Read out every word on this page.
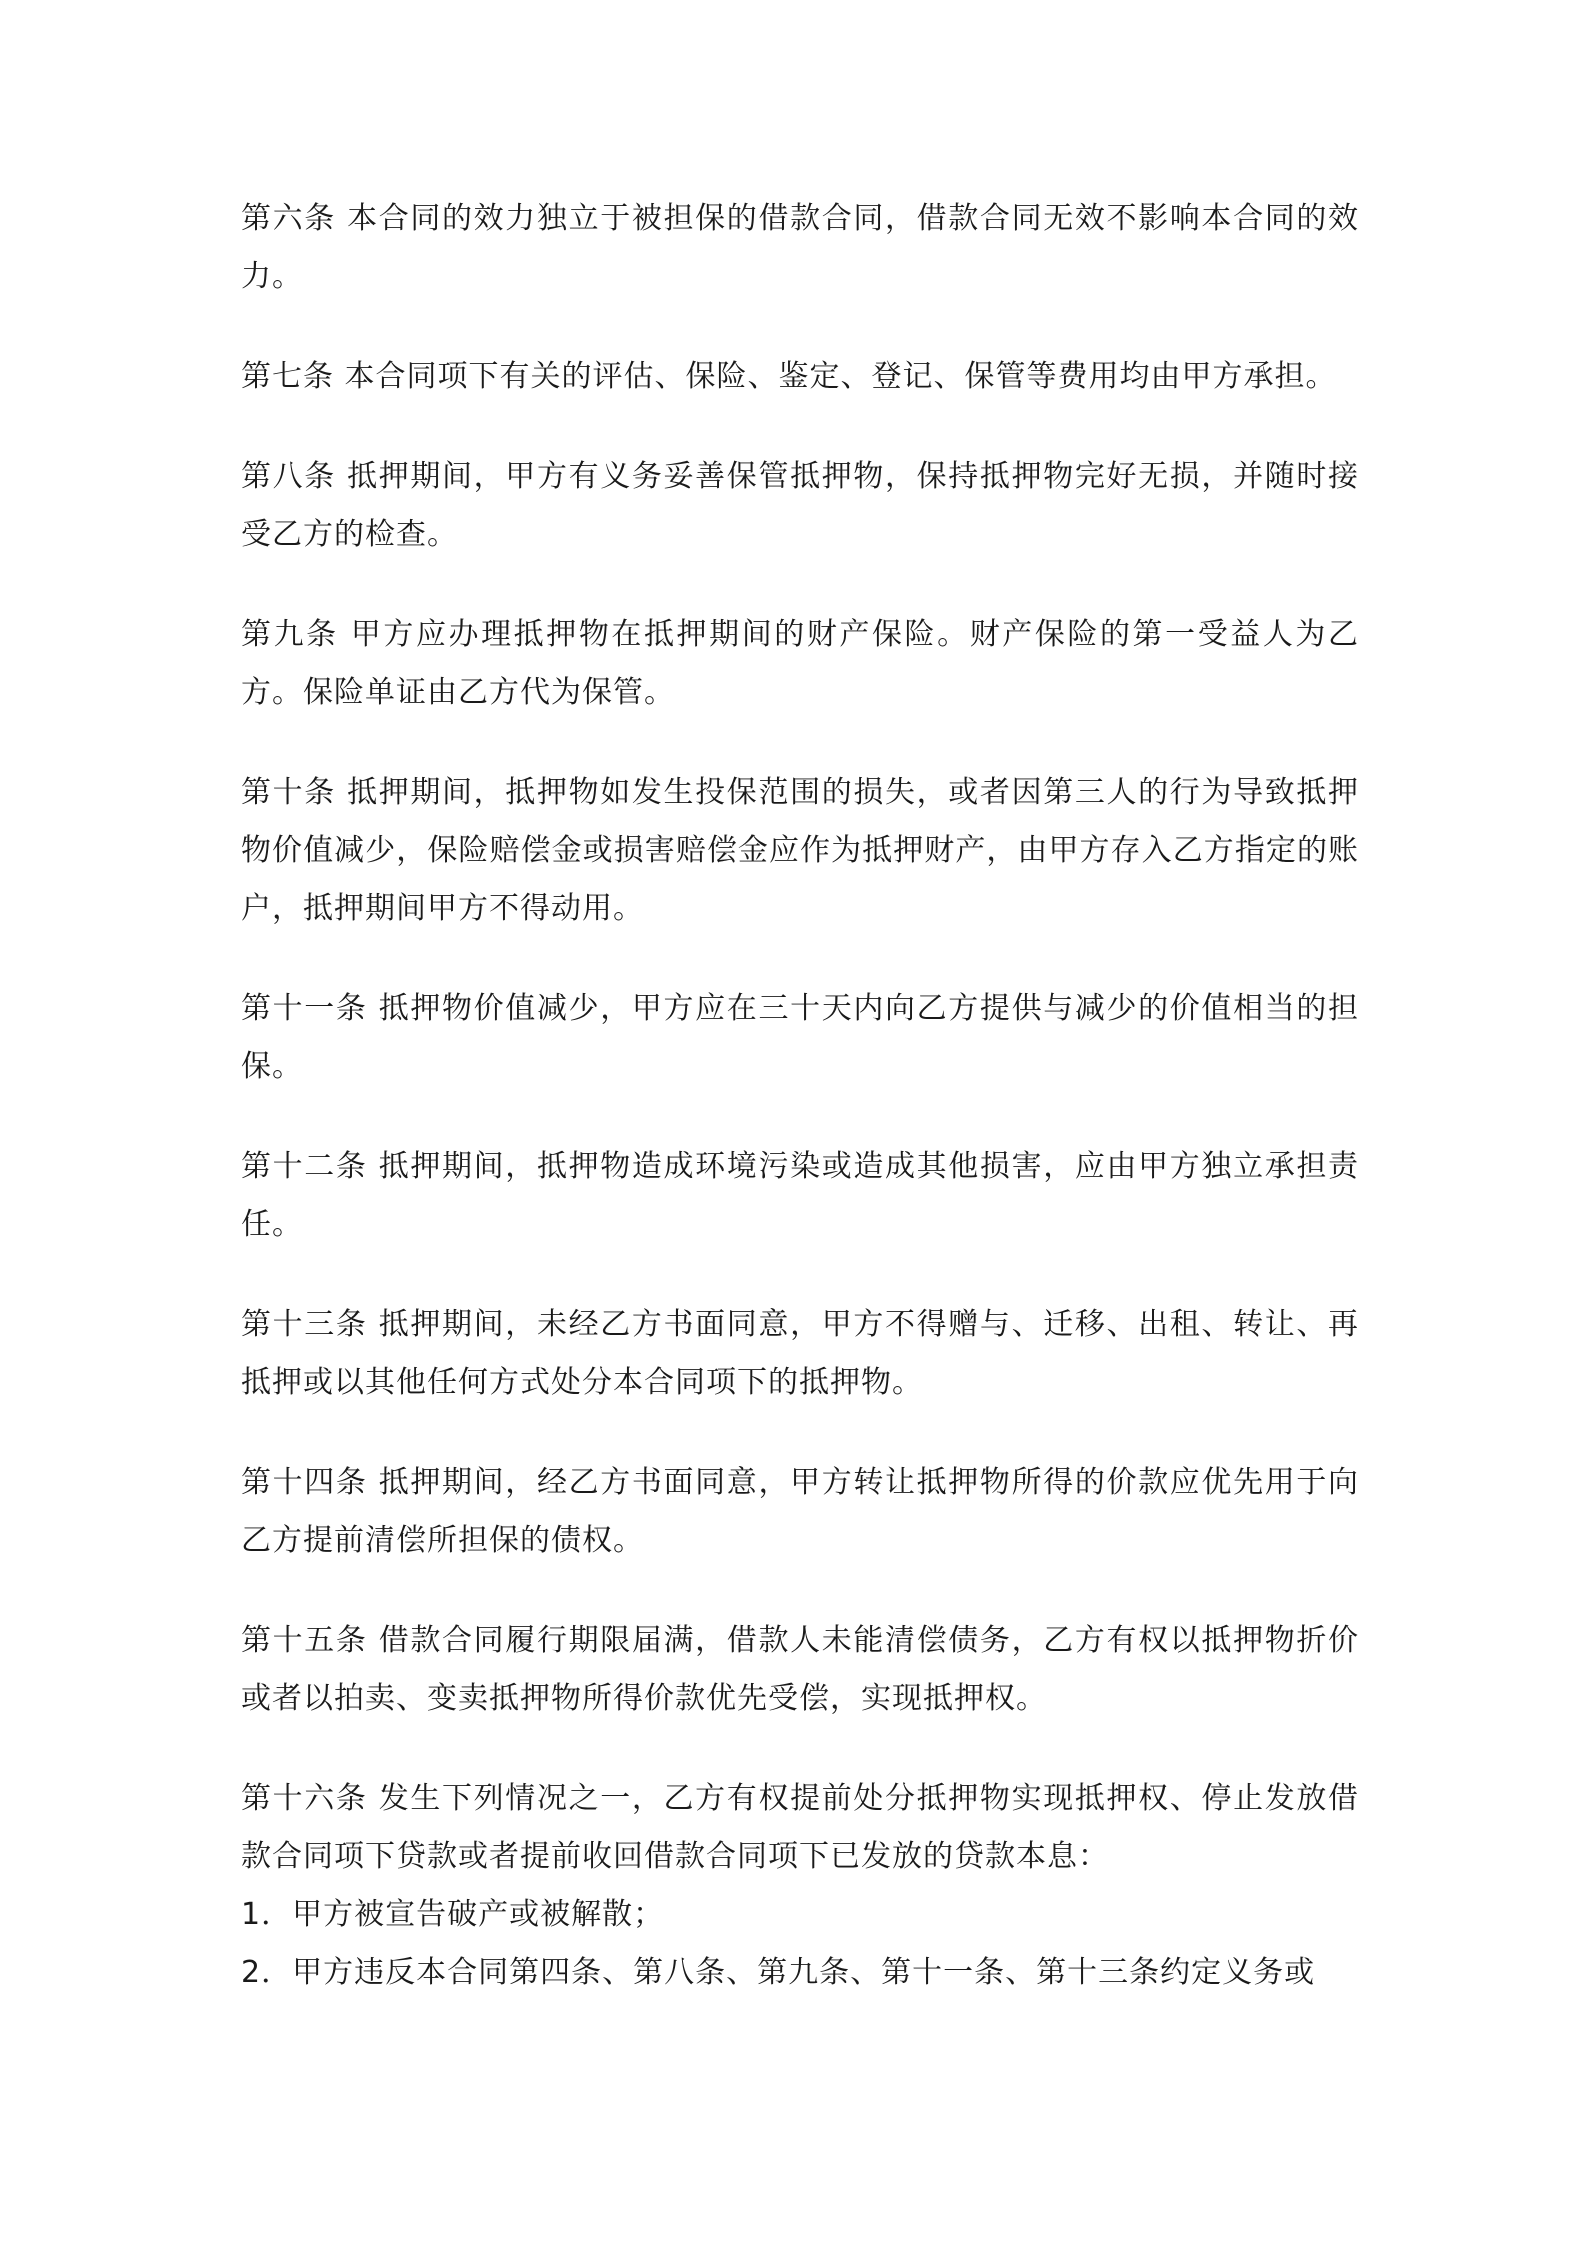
第六条 本合同的效力独立于被担保的借款合同，借款合同无效不影响本合同的效力。

第七条 本合同项下有关的评估、保险、鉴定、登记、保管等费用均由甲方承担。

第八条 抵押期间，甲方有义务妥善保管抵押物，保持抵押物完好无损，并随时接受乙方的检查。

第九条 甲方应办理抵押物在抵押期间的财产保险。财产保险的第一受益人为乙方。保险单证由乙方代为保管。

第十条 抵押期间，抵押物如发生投保范围的损失，或者因第三人的行为导致抵押物价值减少，保险赔偿金或损害赔偿金应作为抵押财产，由甲方存入乙方指定的账户，抵押期间甲方不得动用。

第十一条 抵押物价值减少，甲方应在三十天内向乙方提供与减少的价值相当的担保。

第十二条 抵押期间，抵押物造成环境污染或造成其他损害，应由甲方独立承担责任。

第十三条 抵押期间，未经乙方书面同意，甲方不得赠与、迁移、出租、转让、再抵押或以其他任何方式处分本合同项下的抵押物。

第十四条 抵押期间，经乙方书面同意，甲方转让抵押物所得的价款应优先用于向乙方提前清偿所担保的债权。

第十五条 借款合同履行期限届满，借款人未能清偿债务，乙方有权以抵押物折价或者以拍卖、变卖抵押物所得价款优先受偿，实现抵押权。

第十六条 发生下列情况之一，乙方有权提前处分抵押物实现抵押权、停止发放借款合同项下贷款或者提前收回借款合同项下已发放的贷款本息：

1．甲方被宣告破产或被解散；

2．甲方违反本合同第四条、第八条、第九条、第十一条、第十三条约定义务或
